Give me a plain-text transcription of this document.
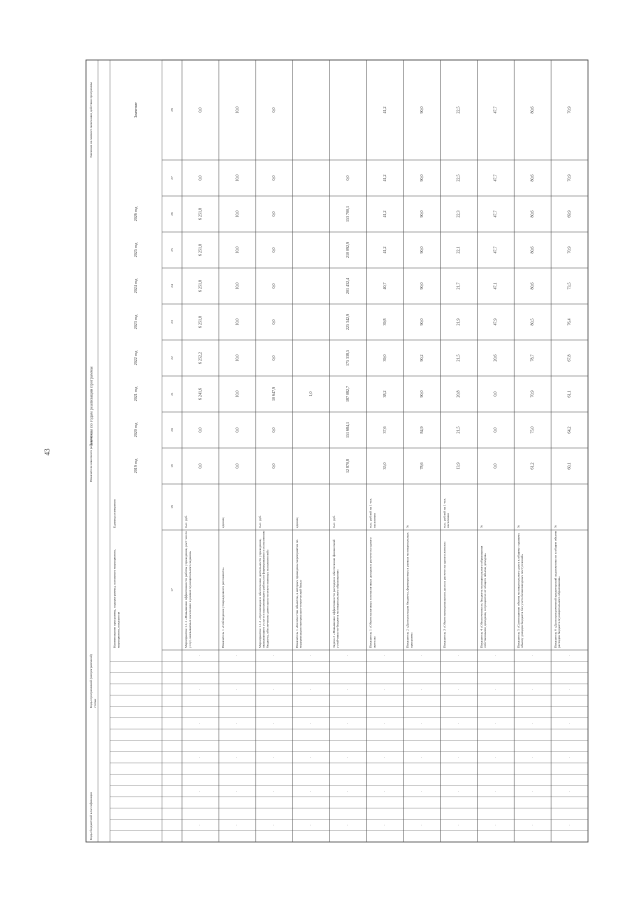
43
Коды бюджетной классификации
Коды программной (непрограммной)статьи
Показатели конечного результата
Значения по годам реализации программы
Значение на момент окончания действия программы
Наименование программы, подпрограммы, основного мероприятия,мероприятия, показателя
Единица измерения
2019 год
2020 год
2021 год
2022 год
2023 год
2024 год
2025 год
2026 год
Значение
17
18
19
20
21
22
23
24
25
26
27
28
Мероприятие 1.1.1 «Повышение эффективности работы учреждения, рост числауслуг, оказываемых населению в рамках муниципального задания»
тыс. руб.
0,0
0,0
6 241,6
6 252,2
6 251,8
6 251,8
6 251,8
6 251,8
0,0
0,0
·
·
·
·
·
·
Показатель 1 «Соблюдение утвержденного регламента»
единиц
0,0
0,0
10,0
10,0
10,0
10,0
10,0
10,0
10,0
10,0
·
·
·
·
·
·
Мероприятие 1.1.2 «Организация и обеспечение деятельности учреждения,оказывающего услуги и выполняющего работы по формированию и исполнениюбюджета, обеспечению деятельности ответственных исполнителей»
тыс. руб.
0,0
0,0
10 647,9
0,0
0,0
0,0
0,0
0,0
0,0
0,0
·
·
·
·
·
·
Показатель 1 «Количество объектов, в которых проведены мероприятия помодернизации материально-технической базы»
единиц
1,0
·
·
·
·
·
·
Задача 2 «Повышение эффективности расходов и обеспечение финансовойустойчивости бюджета муниципального образования»
тыс. руб.
12 870,8
151 684,1
187 082,7
175 338,5
225 342,9
201 432,4
210 092,9
153 700,1
0,0
·
·
·
·
·
·
Показатель 1 «Объем налоговых и неналоговых доходов в расчете на одногожителя»
тыс. рублей на 1 чел.населения
35,0
37,6
38,2
39,0
39,8
40,7
41,2
41,2
41,2
41,2
·
·
·
·
·
·
Показатель 2 «Доля расходов бюджета, формируемых в рамках муниципальныхпрограмм»
%
78,6
84,9
90,0
90,2
90,0
90,0
90,0
90,0
90,0
90,0
·
·
·
·
·
·
Показатель 3 «Объем муниципального долга в расчете на одного жителя»
тыс. рублей на 1 чел.населения
13,9
21,5
20,8
21,5
21,9
21,7
22,1
22,3
22,5
22,5
·
·
·
·
·
·
Показатель 4 «Обеспеченность бюджета муниципального образованиясобственными доходами, в процентах от общего объема доходов»
%
0,0
0,0
0,0
20,6
47,9
47,1
47,7
47,7
47,7
47,7
·
·
·
·
·
·
Показатель 5 «Соотношение объема муниципального долга к общему годовомуобъему доходов бюджета без учета безвозмездных поступлений»
%
61,2
75,0
70,9
78,7
80,5
80,6
80,6
80,6
80,6
80,6
·
·
·
·
·
·
Показатель 6 «Доля просроченной кредиторской задолженности в общем объемерасходов бюджета муниципального образования»
%
60,1
64,2
61,1
67,8
76,4
73,5
70,9
69,9
70,9
70,9
·
·
·
·
·
·
